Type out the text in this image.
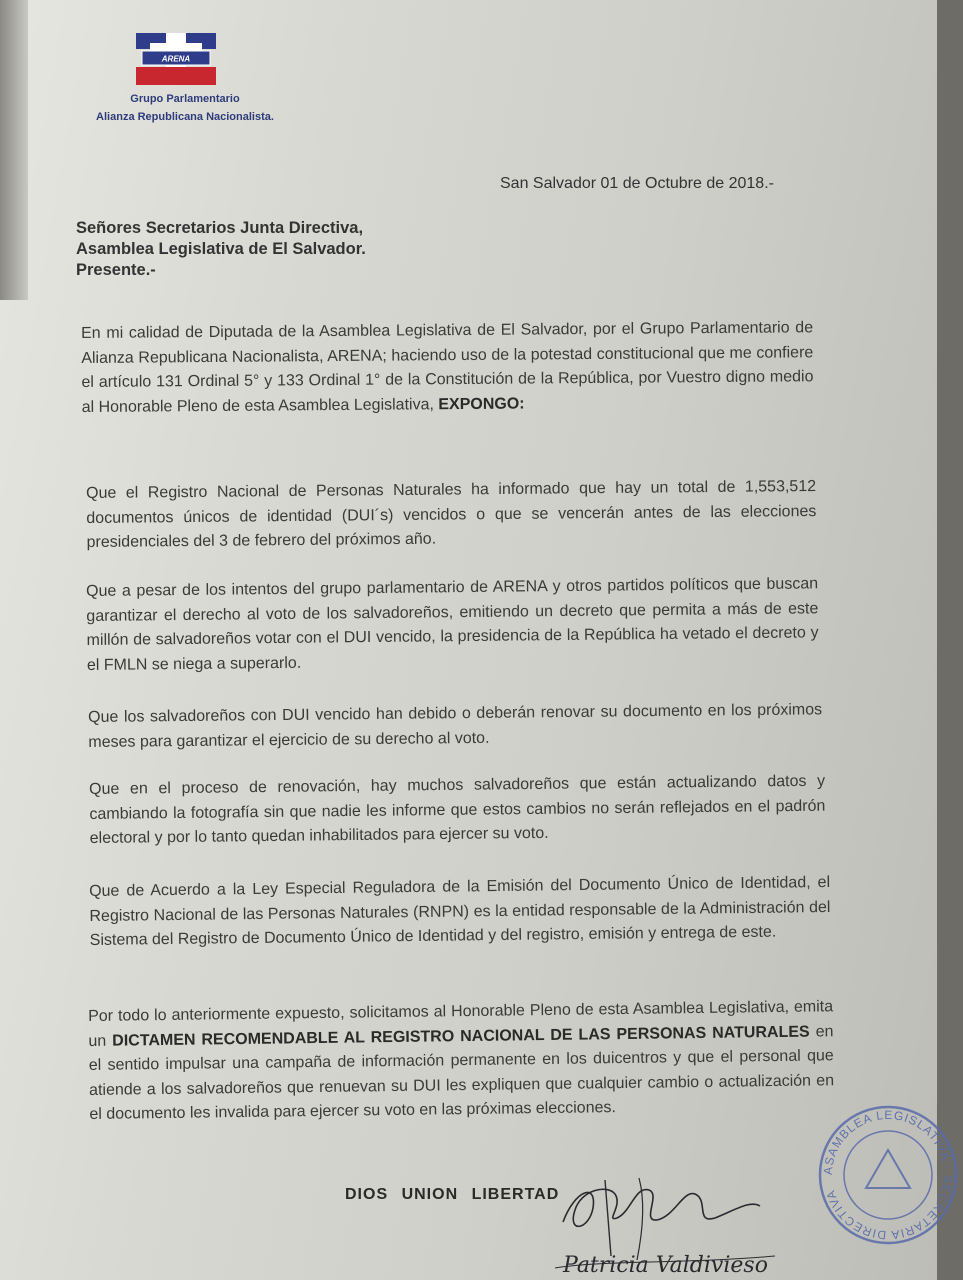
ARENA
Grupo Parlamentario
Alianza Republicana Nacionalista.
San Salvador 01 de Octubre de 2018.-
Señores Secretarios Junta Directiva,
Asamblea Legislativa de El Salvador.
Presente.-
En mi calidad de Diputada de la Asamblea Legislativa de El Salvador, por el Grupo Parlamentario de Alianza Republicana Nacionalista, ARENA; haciendo uso de la potestad constitucional que me confiere el artículo 131 Ordinal 5° y 133 Ordinal 1° de la Constitución de la República, por Vuestro digno medio al Honorable Pleno de esta Asamblea Legislativa, EXPONGO:
Que el Registro Nacional de Personas Naturales ha informado que hay un total de 1,553,512 documentos únicos de identidad (DUI´s) vencidos o que se vencerán antes de las elecciones presidenciales del 3 de febrero del próximos año.
Que a pesar de los intentos del grupo parlamentario de ARENA y otros partidos políticos que buscan garantizar el derecho al voto de los salvadoreños, emitiendo un decreto que permita a más de este millón de salvadoreños votar con el DUI vencido, la presidencia de la República ha vetado el decreto y el FMLN se niega a superarlo.
Que los salvadoreños con DUI vencido han debido o deberán renovar su documento en los próximos meses para garantizar el ejercicio de su derecho al voto.
Que en el proceso de renovación, hay muchos salvadoreños que están actualizando datos y cambiando la fotografía sin que nadie les informe que estos cambios no serán reflejados en el padrón electoral y por lo tanto quedan inhabilitados para ejercer su voto.
Que de Acuerdo a la Ley Especial Reguladora de la Emisión del Documento Único de Identidad, el Registro Nacional de las Personas Naturales (RNPN) es la entidad responsable de la Administración del Sistema del Registro de Documento Único de Identidad y del registro, emisión y entrega de este.
Por todo lo anteriormente expuesto, solicitamos al Honorable Pleno de esta Asamblea Legislativa, emita un DICTAMEN RECOMENDABLE AL REGISTRO NACIONAL DE LAS PERSONAS NATURALES en el sentido impulsar una campaña de información permanente en los duicentros y que el personal que atiende a los salvadoreños que renuevan su DUI les expliquen que cualquier cambio o actualización en el documento les invalida para ejercer su voto en las próximas elecciones.
DIOS UNION LIBERTAD
Patricia Valdivieso
ASAMBLEA LEGISLATIVA · SECRETARIA DIRECTIVA
